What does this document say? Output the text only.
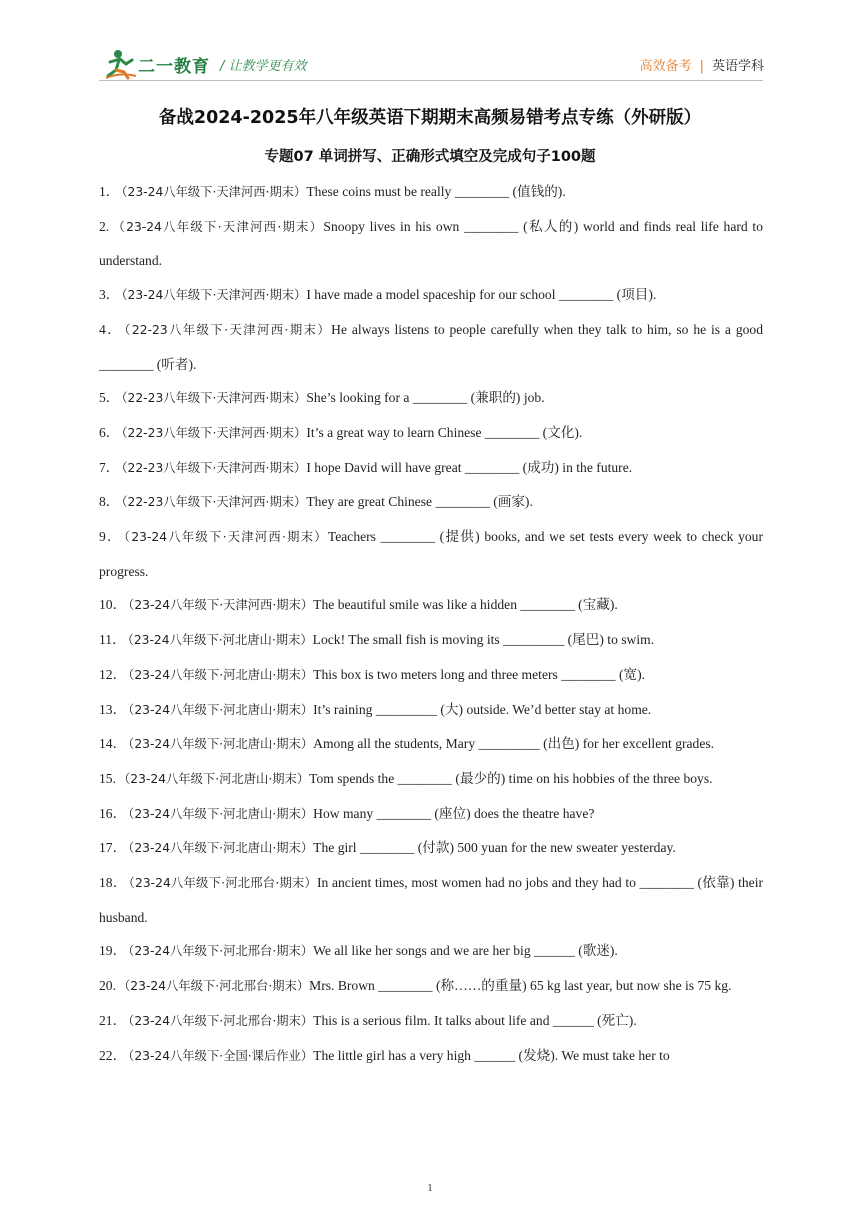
二一教育 / 让教学更有效	高效备考 | 英语学科
备战2024-2025年八年级英语下期期末高频易错考点专练（外研版）
专题07 单词拼写、正确形式填空及完成句子100题
1． （23-24八年级下·天津河西·期末）These coins must be really ________ (值钱的).
2. （23-24八年级下·天津河西·期末）Snoopy lives in his own ________ (私人的) world and finds real life hard to understand.
3． （23-24八年级下·天津河西·期末）I have made a model spaceship for our school ________ (项目).
4． （22-23八年级下·天津河西·期末）He always listens to people carefully when they talk to him, so he is a good ________ (听者).
5． （22-23八年级下·天津河西·期末）She’s looking for a ________ (兼职的) job.
6． （22-23八年级下·天津河西·期末）It’s a great way to learn Chinese ________ (文化).
7． （22-23八年级下·天津河西·期末）I hope David will have great ________ (成功) in the future.
8． （22-23八年级下·天津河西·期末）They are great Chinese ________ (画家).
9． （23-24八年级下·天津河西·期末）Teachers ________ (提供) books, and we set tests every week to check your progress.
10． （23-24八年级下·天津河西·期末）The beautiful smile was like a hidden ________ (宝藏).
11． （23-24八年级下·河北唐山·期末）Lock! The small fish is moving its _________ (尾巴) to swim.
12． （23-24八年级下·河北唐山·期末）This box is two meters long and three meters ________ (宽).
13． （23-24八年级下·河北唐山·期末）It’s raining _________ (大) outside. We’d better stay at home.
14． （23-24八年级下·河北唐山·期末）Among all the students, Mary _________ (出色) for her excellent grades.
15. （23-24八年级下·河北唐山·期末）Tom spends the ________ (最少的) time on his hobbies of the three boys.
16． （23-24八年级下·河北唐山·期末）How many ________ (座位) does the theatre have?
17． （23-24八年级下·河北唐山·期末）The girl ________ (付款) 500 yuan for the new sweater yesterday.
18． （23-24八年级下·河北邢台·期末）In ancient times, most women had no jobs and they had to ________ (依靠) their husband.
19． （23-24八年级下·河北邢台·期末）We all like her songs and we are her big ______ (歌迷).
20. （23-24八年级下·河北邢台·期末）Mrs. Brown ________ (称……的重量) 65 kg last year, but now she is 75 kg.
21． （23-24八年级下·河北邢台·期末）This is a serious film. It talks about life and ______ (死亡).
22． （23-24八年级下·全国·课后作业）The little girl has a very high ______ (发烧). We must take her to
1
